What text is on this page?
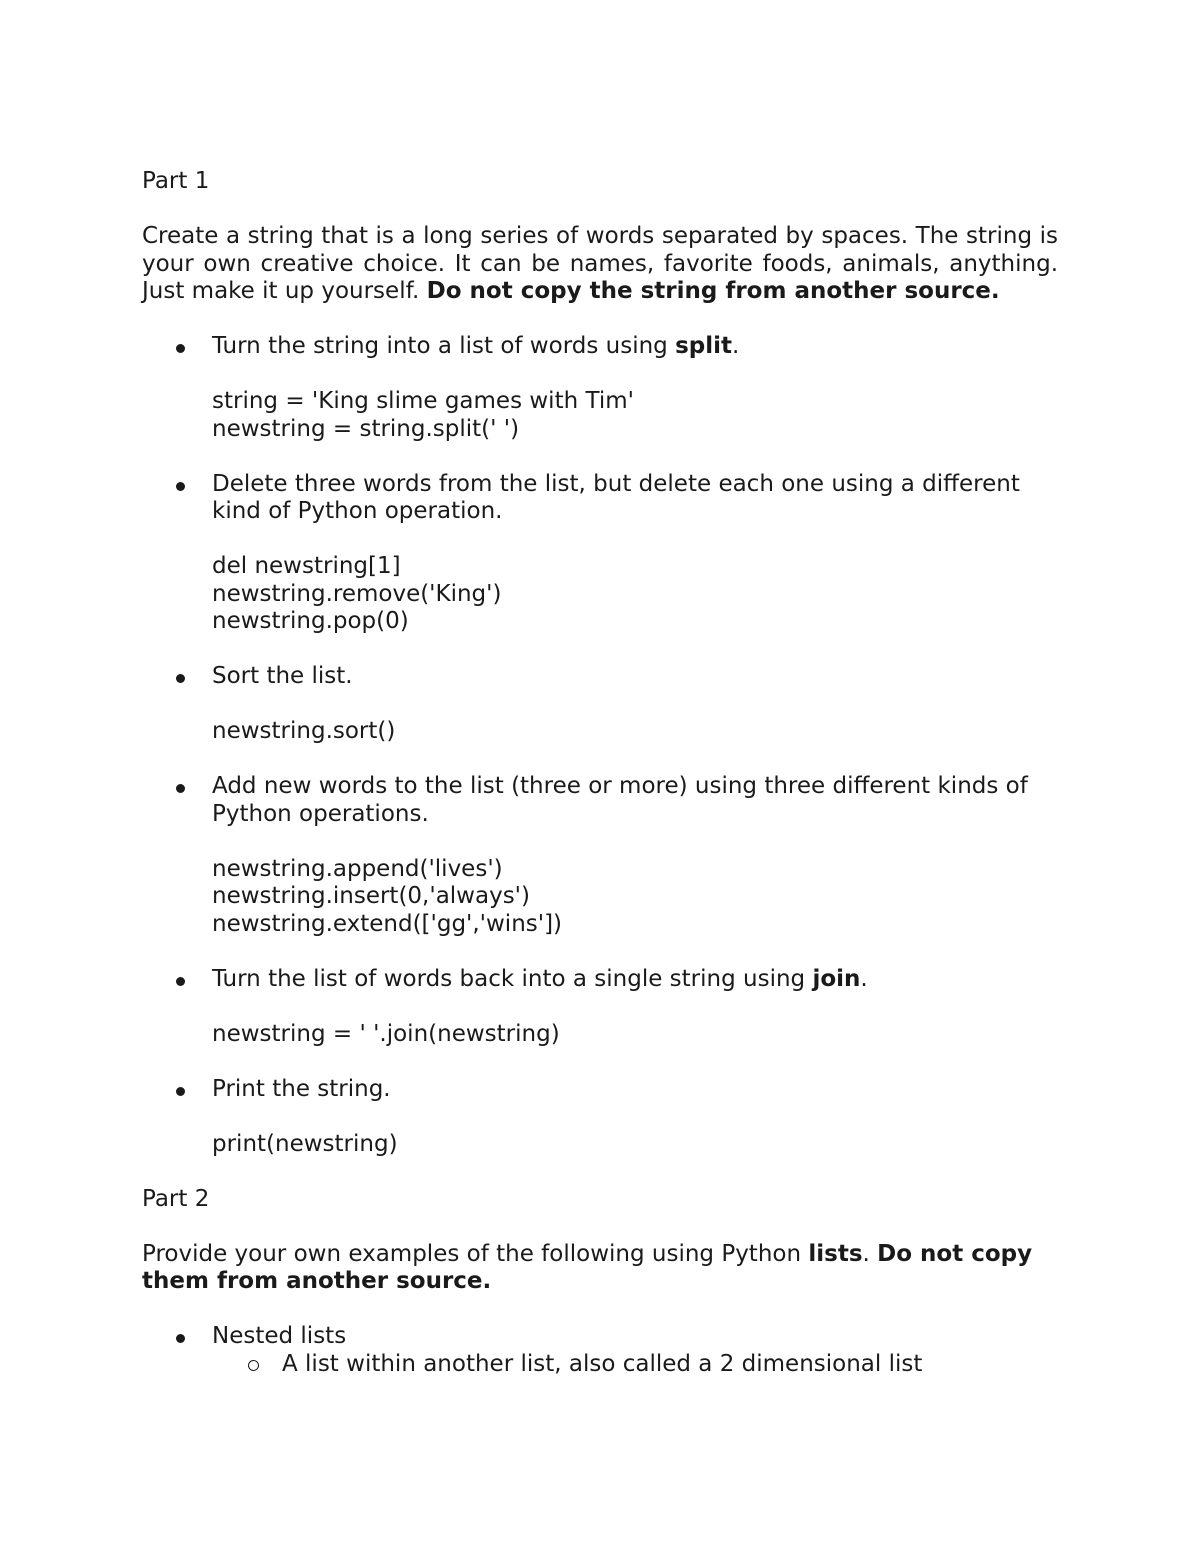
Part 1

Create a string that is a long series of words separated by spaces. The string is your own creative choice. It can be names, favorite foods, animals, anything. Just make it up yourself. Do not copy the string from another source.

Turn the string into a list of words using split.
string = 'King slime games with Tim'
newstring = string.split(' ')
Delete three words from the list, but delete each one using a different kind of Python operation.
del newstring[1]
newstring.remove('King')
newstring.pop(0)
Sort the list.
newstring.sort()
Add new words to the list (three or more) using three different kinds of Python operations.
newstring.append('lives')
newstring.insert(0,'always')
newstring.extend(['gg','wins'])
Turn the list of words back into a single string using join.
newstring = ' '.join(newstring)
Print the string.
print(newstring)

Part 2

Provide your own examples of the following using Python lists. Do not copy them from another source.

Nested lists
A list within another list, also called a 2 dimensional list
